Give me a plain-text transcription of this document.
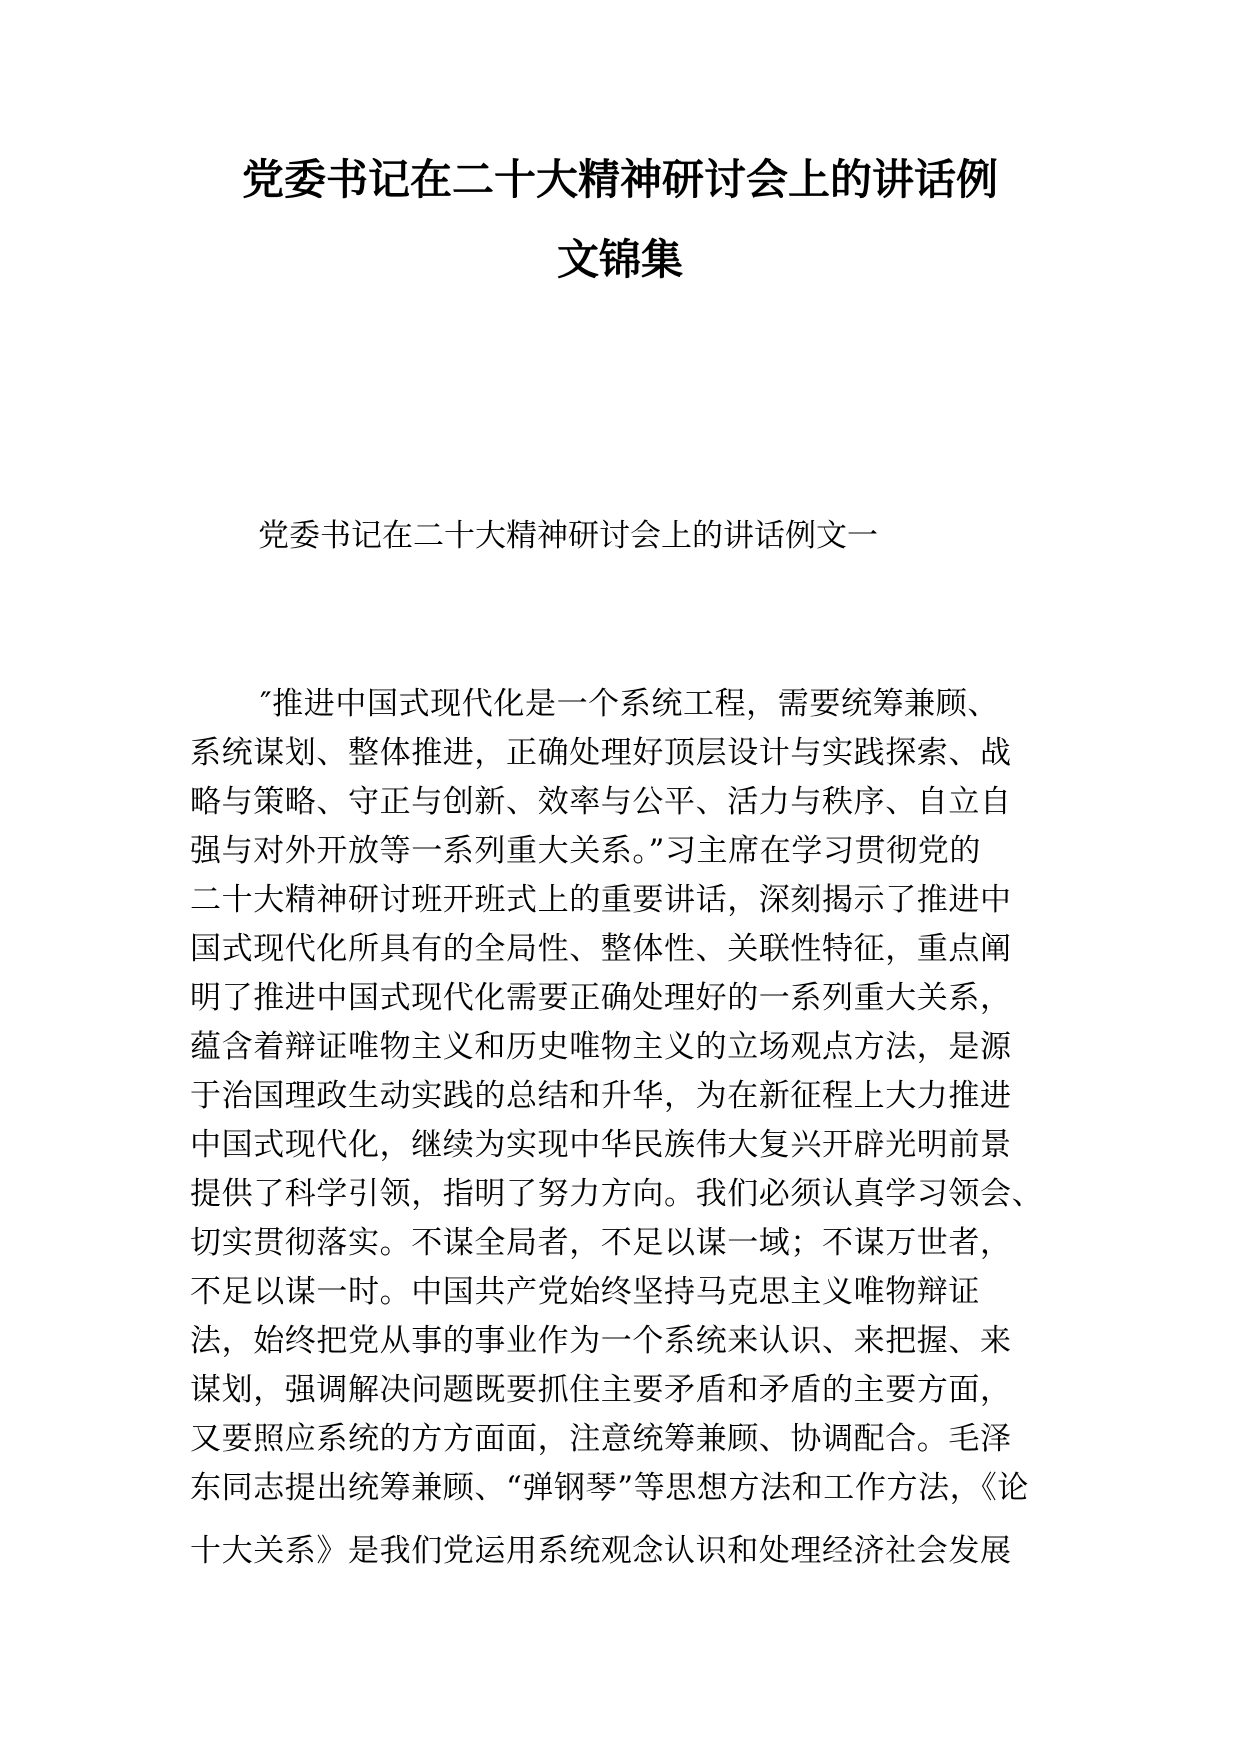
党委书记在二十大精神研讨会上的讲话例
文锦集
党委书记在二十大精神研讨会上的讲话例文一
″推进中国式现代化是一个系统工程，需要统筹兼顾、
系统谋划、整体推进，正确处理好顶层设计与实践探索、战
略与策略、守正与创新、效率与公平、活力与秩序、自立自
强与对外开放等一系列重大关系。”习主席在学习贯彻党的
二十大精神研讨班开班式上的重要讲话，深刻揭示了推进中
国式现代化所具有的全局性、整体性、关联性特征，重点阐
明了推进中国式现代化需要正确处理好的一系列重大关系，
蕴含着辩证唯物主义和历史唯物主义的立场观点方法，是源
于治国理政生动实践的总结和升华，为在新征程上大力推进
中国式现代化，继续为实现中华民族伟大复兴开辟光明前景
提供了科学引领，指明了努力方向。我们必须认真学习领会、
切实贯彻落实。不谋全局者，不足以谋一域；不谋万世者，
不足以谋一时。中国共产党始终坚持马克思主义唯物辩证
法，始终把党从事的事业作为一个系统来认识、来把握、来
谋划，强调解决问题既要抓住主要矛盾和矛盾的主要方面，
又要照应系统的方方面面，注意统筹兼顾、协调配合。毛泽
东同志提出统筹兼顾、“弹钢琴”等思想方法和工作方法，《论
十大关系》是我们党运用系统观念认识和处理经济社会发展
